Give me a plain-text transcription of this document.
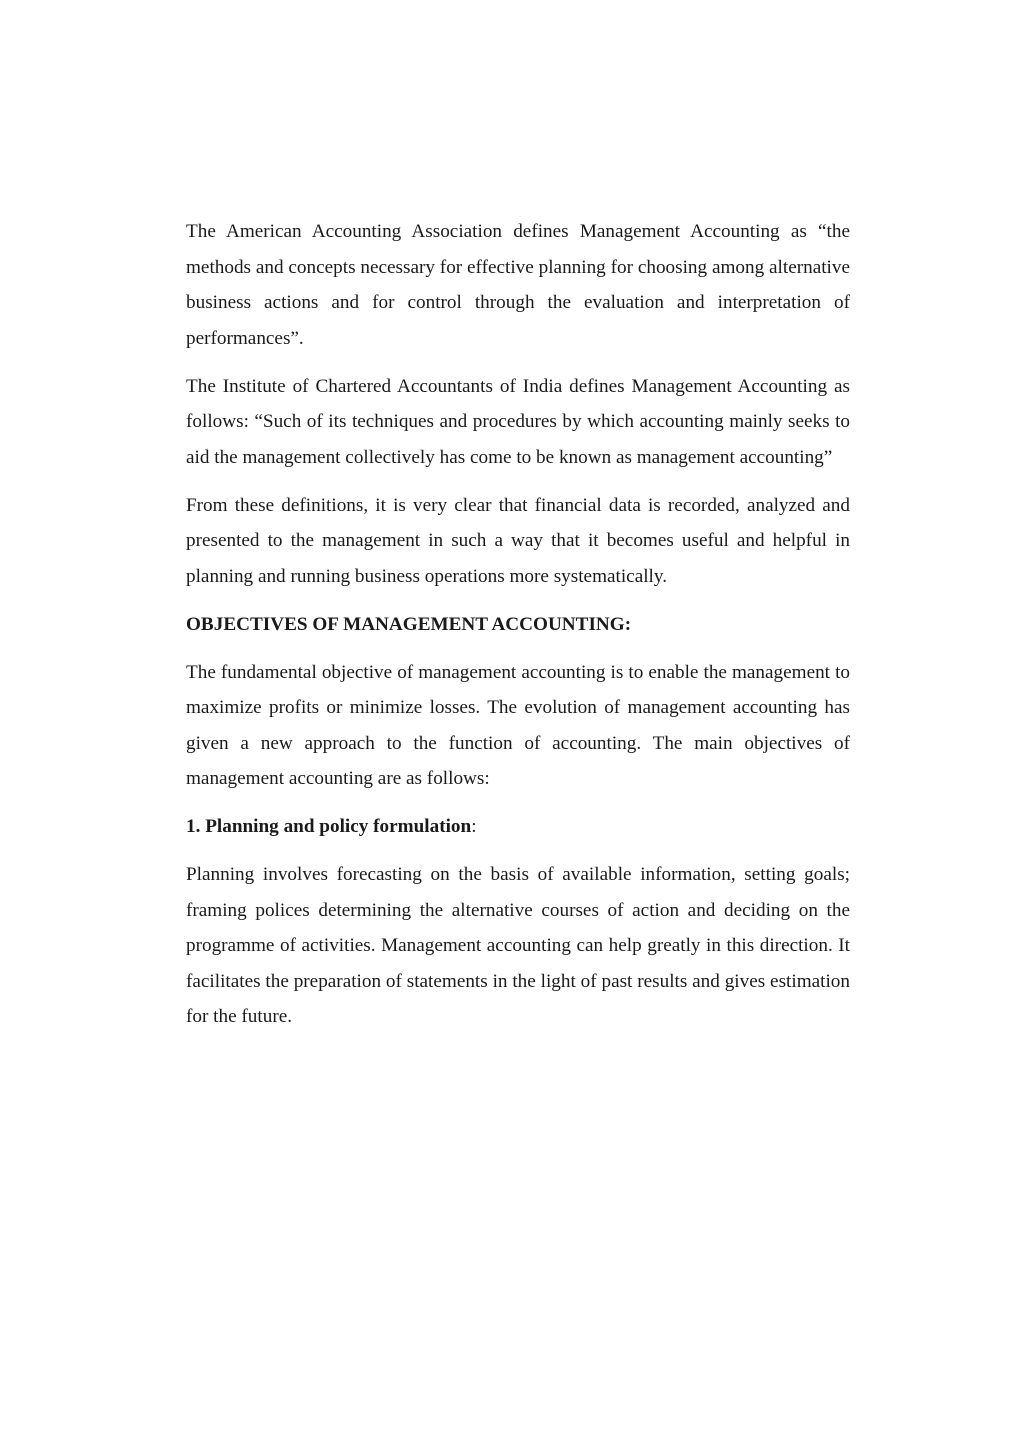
The American Accounting Association defines Management Accounting as “the methods and concepts necessary for effective planning for choosing among alternative business actions and for control through the evaluation and interpretation of performances”.

The Institute of Chartered Accountants of India defines Management Accounting as follows: “Such of its techniques and procedures by which accounting mainly seeks to aid the management collectively has come to be known as management accounting”

From these definitions, it is very clear that financial data is recorded, analyzed and presented to the management in such a way that it becomes useful and helpful in planning and running business operations more systematically.

OBJECTIVES OF MANAGEMENT ACCOUNTING:

The fundamental objective of management accounting is to enable the management to maximize profits or minimize losses. The evolution of management accounting has given a new approach to the function of accounting. The main objectives of management accounting are as follows:

1. Planning and policy formulation:

Planning involves forecasting on the basis of available information, setting goals; framing polices determining the alternative courses of action and deciding on the programme of activities. Management accounting can help greatly in this direction. It facilitates the preparation of statements in the light of past results and gives estimation for the future.
